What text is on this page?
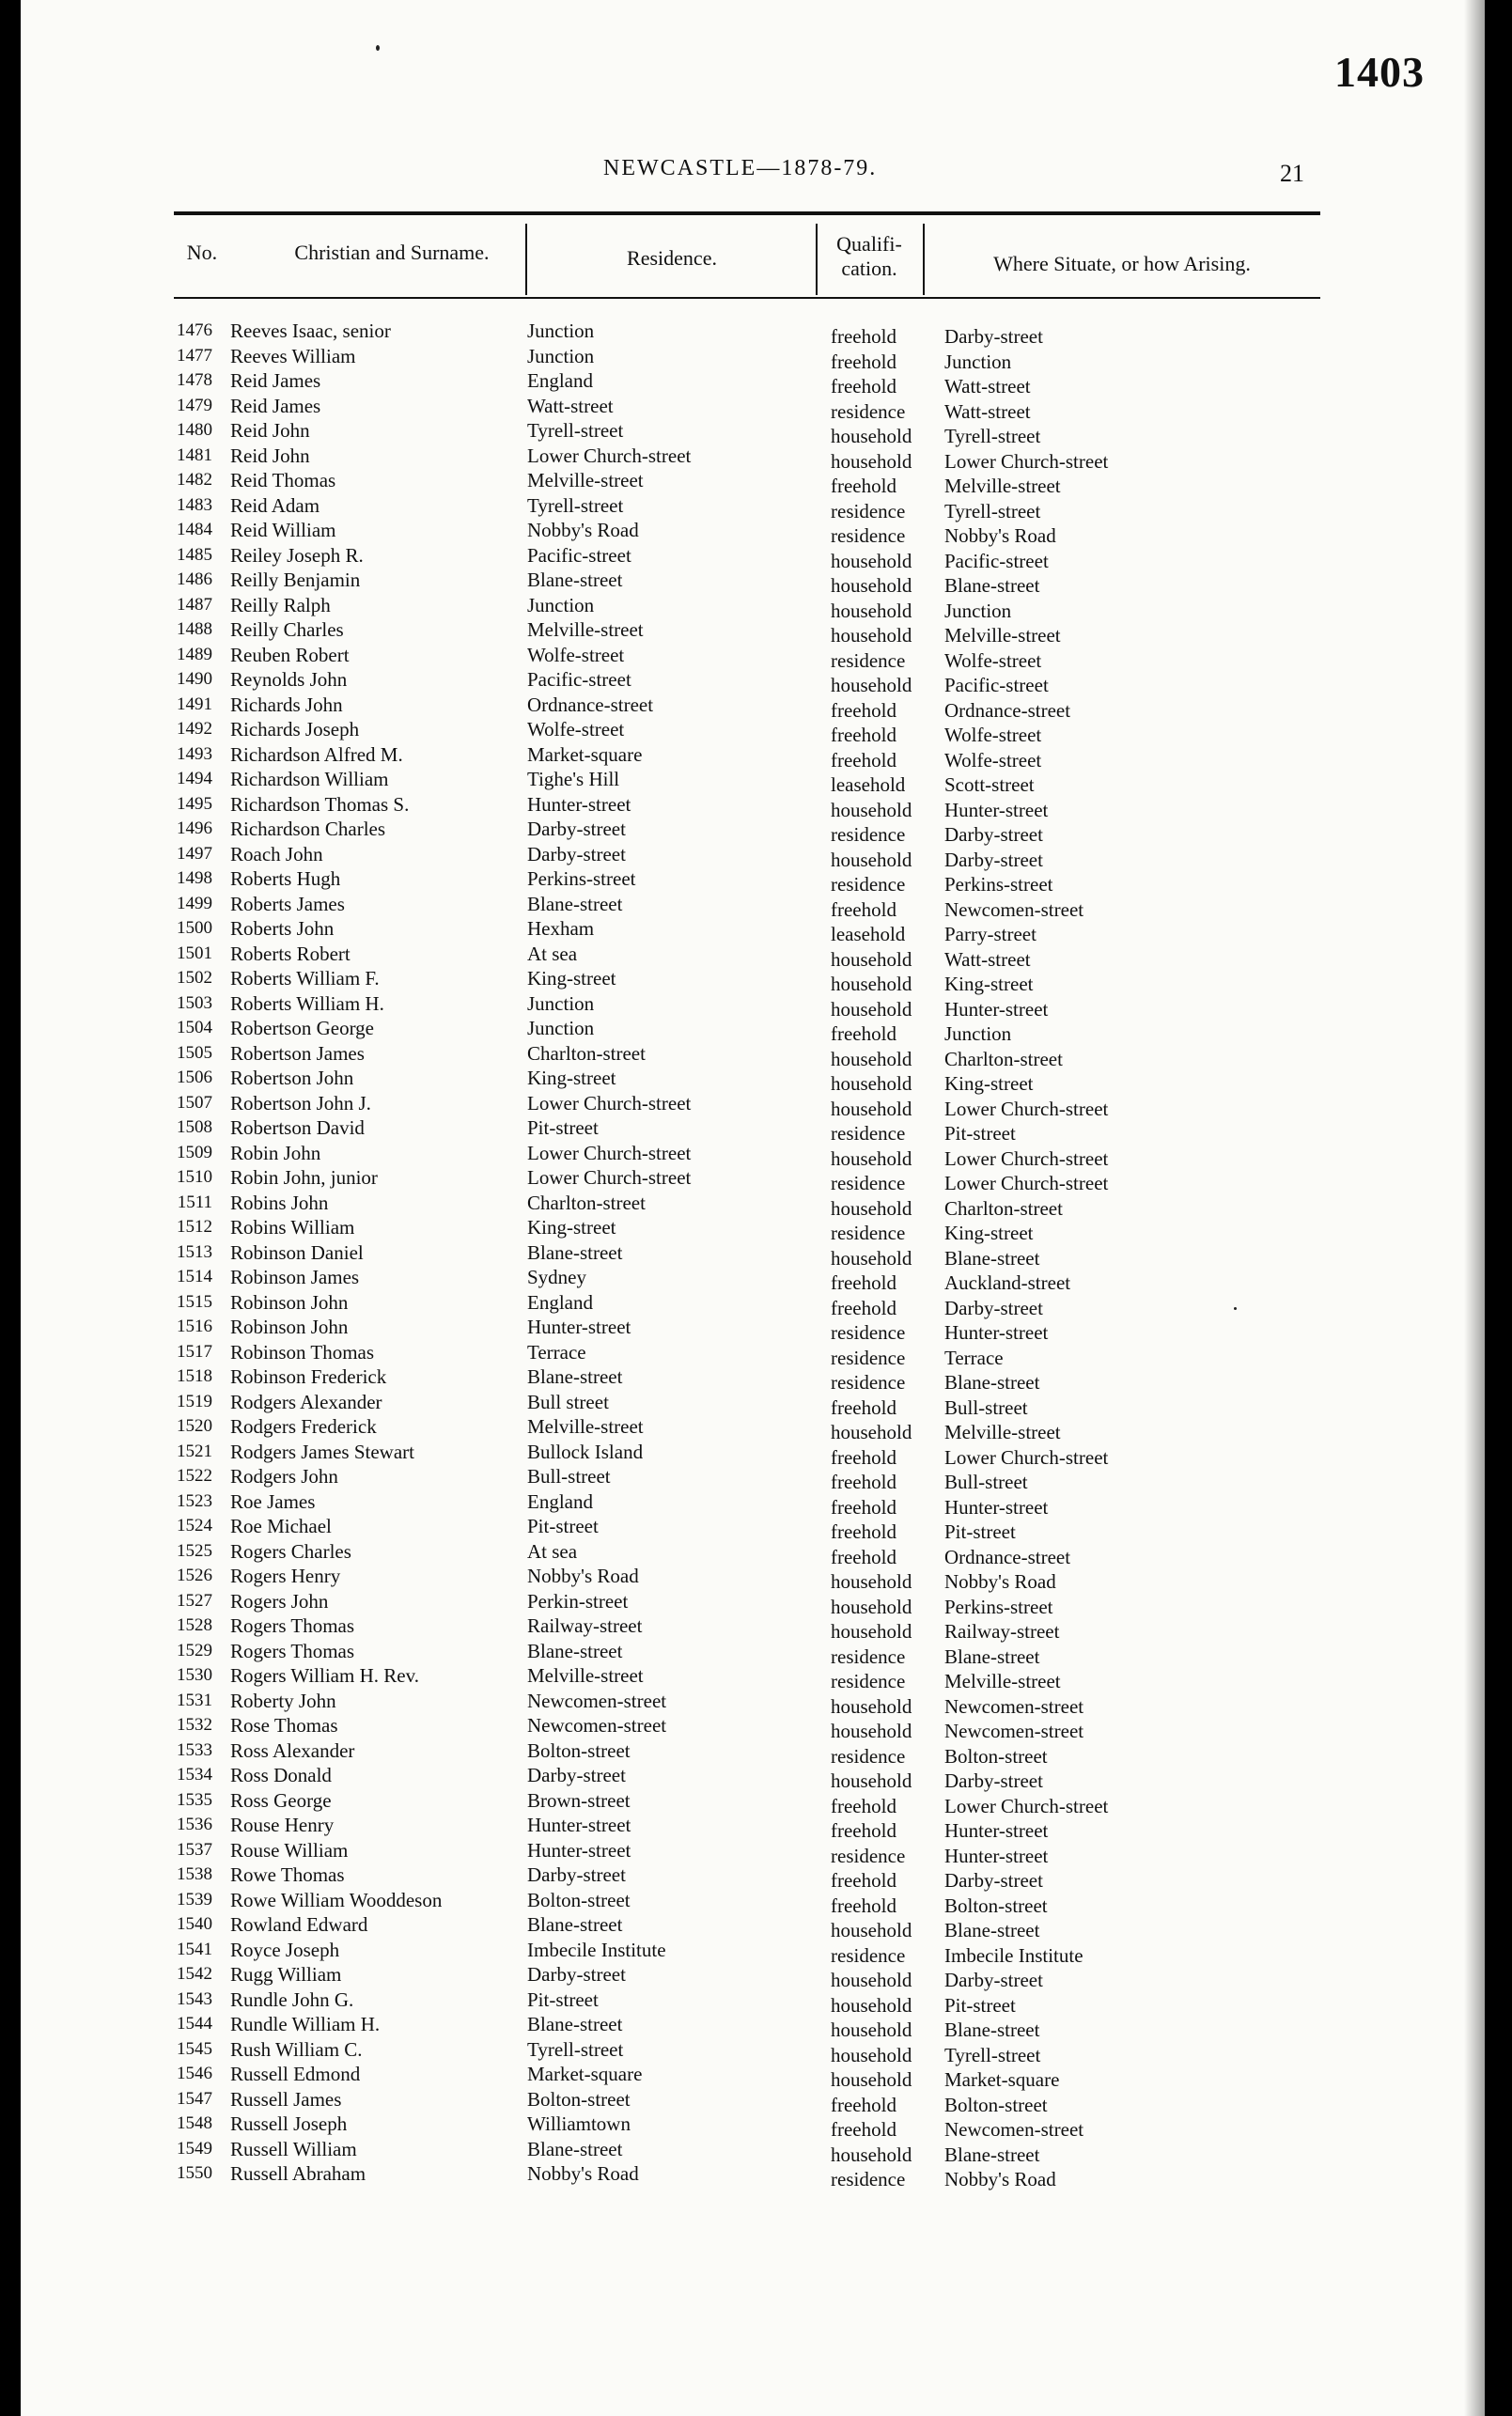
1403
NEWCASTLE—1878-79.	21
No.	Christian and Surname.	Residence.
Qualifi-
cation.	Where Situate, or how Arising.
1476 Reeves Isaac, senior	Junction	freehold Darby-street
1477 Reeves William	Junction	freehold Junction
1478 Reid James	England	freehold Watt-street
1479 Reid James	Watt-street	residence Watt-street
1480 Reid John	Tyrell-street	household Tyrell-street
1481 Reid John	Lower Church-street	household Lower Church-street
1482 Reid Thomas	Melville-street	freehold Melville-street
1483 Reid Adam	Tyrell-street	residence Tyrell-street
1484 Reid William	Nobby's Road	residence Nobby's Road
1485 Reiley Joseph R.	Pacific-street	household Pacific-street
1486 Reilly Benjamin	Blane-street	household Blane-street
1487 Reilly Ralph	Junction	household Junction
1488 Reilly Charles	Melville-street	household Melville-street
1489 Reuben Robert	Wolfe-street	residence Wolfe-street
1490 Reynolds John	Pacific-street	household Pacific-street
1491 Richards John	Ordnance-street	freehold Ordnance-street
1492 Richards Joseph	Wolfe-street	freehold Wolfe-street
1493 Richardson Alfred M.	Market-square	freehold Wolfe-street
1494 Richardson William	Tighe's Hill	leasehold Scott-street
1495 Richardson Thomas S.	Hunter-street	household Hunter-street
1496 Richardson Charles	Darby-street	residence Darby-street
1497 Roach John	Darby-street	household Darby-street
1498 Roberts Hugh	Perkins-street	residence Perkins-street
1499 Roberts James	Blane-street	freehold Newcomen-street
1500 Roberts John	Hexham	leasehold Parry-street
1501 Roberts Robert	At sea	household Watt-street
1502 Roberts William F.	King-street	household King-street
1503 Roberts William H.	Junction	household Hunter-street
1504 Robertson George	Junction	freehold Junction
1505 Robertson James	Charlton-street	household Charlton-street
1506 Robertson John	King-street	household King-street
1507 Robertson John J.	Lower Church-street	household Lower Church-street
1508 Robertson David	Pit-street	residence Pit-street
1509 Robin John	Lower Church-street	household Lower Church-street
1510 Robin John, junior	Lower Church-street	residence Lower Church-street
1511 Robins John	Charlton-street	household Charlton-street
1512 Robins William	King-street	residence King-street
1513 Robinson Daniel	Blane-street	household Blane-street
1514 Robinson James	Sydney	freehold Auckland-street
1515 Robinson John	England	freehold Darby-street
1516 Robinson John	Hunter-street	residence Hunter-street
1517 Robinson Thomas	Terrace	residence Terrace
1518 Robinson Frederick	Blane-street	residence Blane-street
1519 Rodgers Alexander	Bull street	freehold Bull-street
1520 Rodgers Frederick	Melville-street	household Melville-street
1521 Rodgers James Stewart	Bullock Island	freehold Lower Church-street
1522 Rodgers John	Bull-street	freehold Bull-street
1523 Roe James	England	freehold Hunter-street
1524 Roe Michael	Pit-street	freehold Pit-street
1525 Rogers Charles	At sea	freehold Ordnance-street
1526 Rogers Henry	Nobby's Road	household Nobby's Road
1527 Rogers John	Perkin-street	household Perkins-street
1528 Rogers Thomas	Railway-street	household Railway-street
1529 Rogers Thomas	Blane-street	residence Blane-street
1530 Rogers William H. Rev.	Melville-street	residence Melville-street
1531 Roberty John	Newcomen-street	household Newcomen-street
1532 Rose Thomas	Newcomen-street	household Newcomen-street
1533 Ross Alexander	Bolton-street	residence Bolton-street
1534 Ross Donald	Darby-street	household Darby-street
1535 Ross George	Brown-street	freehold Lower Church-street
1536 Rouse Henry	Hunter-street	freehold Hunter-street
1537 Rouse William	Hunter-street	residence Hunter-street
1538 Rowe Thomas	Darby-street	freehold Darby-street
1539 Rowe William Wooddeson	Bolton-street	freehold Bolton-street
1540 Rowland Edward	Blane-street	household Blane-street
1541 Royce Joseph	Imbecile Institute	residence Imbecile Institute
1542 Rugg William	Darby-street	household Darby-street
1543 Rundle John G.	Pit-street	household Pit-street
1544 Rundle William H.	Blane-street	household Blane-street
1545 Rush William C.	Tyrell-street	household Tyrell-street
1546 Russell Edmond	Market-square	household Market-square
1547 Russell James	Bolton-street	freehold Bolton-street
1548 Russell Joseph	Williamtown	freehold Newcomen-street
1549 Russell William	Blane-street	household Blane-street
1550 Russell Abraham	Nobby's Road	residence Nobby's Road
